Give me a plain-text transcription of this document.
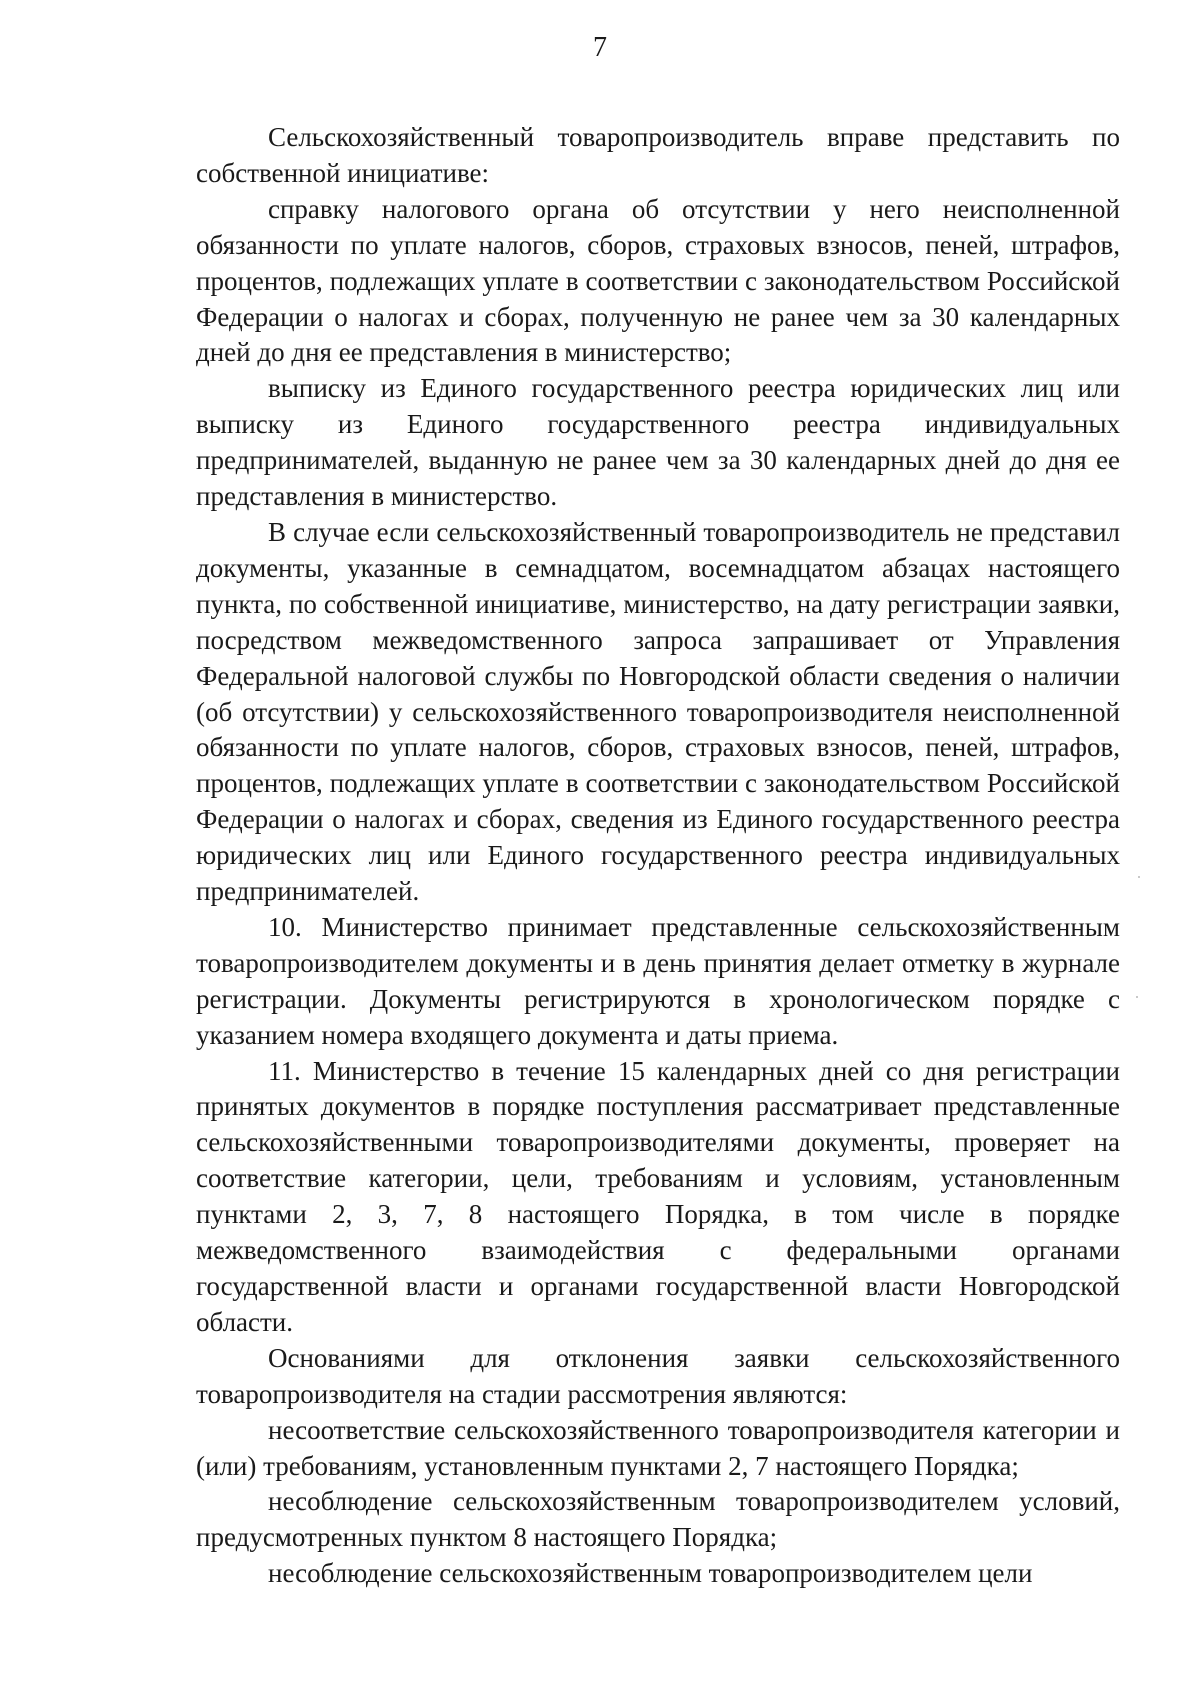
7

Сельскохозяйственный товаропроизводитель вправе представить по собственной инициативе:

справку налогового органа об отсутствии у него неисполненной обязанности по уплате налогов, сборов, страховых взносов, пеней, штрафов, процентов, подлежащих уплате в соответствии с законодательством Российской Федерации о налогах и сборах, полученную не ранее чем за 30 календарных дней до дня ее представления в министерство;

выписку из Единого государственного реестра юридических лиц или выписку из Единого государственного реестра индивидуальных предпринимателей, выданную не ранее чем за 30 календарных дней до дня ее представления в министерство.

В случае если сельскохозяйственный товаропроизводитель не представил документы, указанные в семнадцатом, восемнадцатом абзацах настоящего пункта, по собственной инициативе, министерство, на дату регистрации заявки, посредством межведомственного запроса запрашивает от Управления Федеральной налоговой службы по Новгородской области сведения о наличии (об отсутствии) у сельскохозяйственного товаропроизводителя неисполненной обязанности по уплате налогов, сборов, страховых взносов, пеней, штрафов, процентов, подлежащих уплате в соответствии с законодательством Российской Федерации о налогах и сборах, сведения из Единого государственного реестра юридических лиц или Единого государственного реестра индивидуальных предпринимателей.

10. Министерство принимает представленные сельскохозяйственным товаропроизводителем документы и в день принятия делает отметку в журнале регистрации. Документы регистрируются в хронологическом порядке с указанием номера входящего документа и даты приема.

11. Министерство в течение 15 календарных дней со дня регистрации принятых документов в порядке поступления рассматривает представленные сельскохозяйственными товаропроизводителями документы, проверяет на соответствие категории, цели, требованиям и условиям, установленным пунктами 2, 3, 7, 8 настоящего Порядка, в том числе в порядке межведомственного взаимодействия с федеральными органами государственной власти и органами государственной власти Новгородской области.

Основаниями для отклонения заявки сельскохозяйственного товаропроизводителя на стадии рассмотрения являются:

несоответствие сельскохозяйственного товаропроизводителя категории и (или) требованиям, установленным пунктами 2, 7 настоящего Порядка;

несоблюдение сельскохозяйственным товаропроизводителем условий, предусмотренных пунктом 8 настоящего Порядка;

несоблюдение сельскохозяйственным товаропроизводителем цели
